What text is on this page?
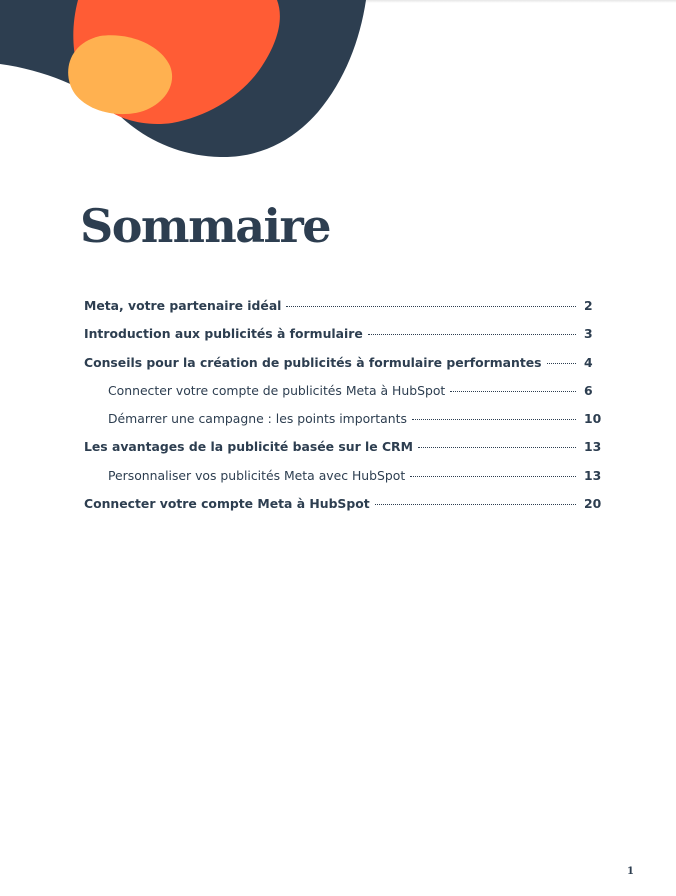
Sommaire
Meta, votre partenaire idéal	2
Introduction aux publicités à formulaire	3
Conseils pour la création de publicités à formulaire performantes	4
Connecter votre compte de publicités Meta à HubSpot	6
Démarrer une campagne : les points importants	10
Les avantages de la publicité basée sur le CRM	13
Personnaliser vos publicités Meta avec HubSpot	13
Connecter votre compte Meta à HubSpot	20
1
